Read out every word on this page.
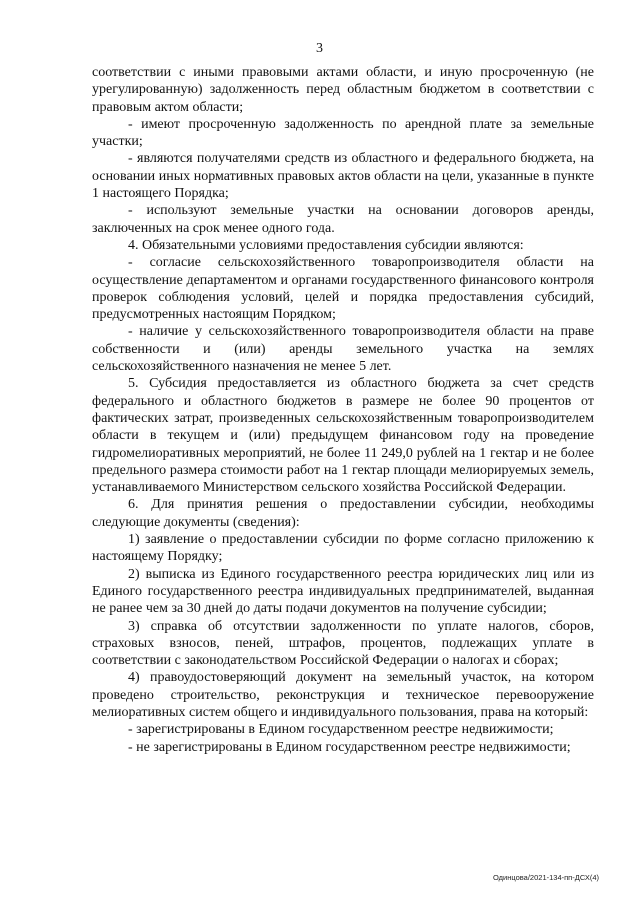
3

соответствии с иными правовыми актами области, и иную просроченную (не урегулированную) задолженность перед областным бюджетом в соответствии с правовым актом области;

- имеют просроченную задолженность по арендной плате за земельные участки;

- являются получателями средств из областного и федерального бюджета, на основании иных нормативных правовых актов области на цели, указанные в пункте 1 настоящего Порядка;

- используют земельные участки на основании договоров аренды, заключенных на срок менее одного года.

4. Обязательными условиями предоставления субсидии являются:

- согласие сельскохозяйственного товаропроизводителя области на осуществление департаментом и органами государственного финансового контроля проверок соблюдения условий, целей и порядка предоставления субсидий, предусмотренных настоящим Порядком;

- наличие у сельскохозяйственного товаропроизводителя области на праве собственности и (или) аренды земельного участка на землях сельскохозяйственного назначения не менее 5 лет.

5. Субсидия предоставляется из областного бюджета за счет средств федерального и областного бюджетов в размере не более 90 процентов от фактических затрат, произведенных сельскохозяйственным товаропроизводителем области в текущем и (или) предыдущем финансовом году на проведение гидромелиоративных мероприятий, не более 11 249,0 рублей на 1 гектар и не более предельного размера стоимости работ на 1 гектар площади мелиорируемых земель, устанавливаемого Министерством сельского хозяйства Российской Федерации.

6. Для принятия решения о предоставлении субсидии, необходимы следующие документы (сведения):

1) заявление о предоставлении субсидии по форме согласно приложению к настоящему Порядку;

2) выписка из Единого государственного реестра юридических лиц или из Единого государственного реестра индивидуальных предпринимателей, выданная не ранее чем за 30 дней до даты подачи документов на получение субсидии;

3) справка об отсутствии задолженности по уплате налогов, сборов, страховых взносов, пеней, штрафов, процентов, подлежащих уплате в соответствии с законодательством Российской Федерации о налогах и сборах;

4) правоудостоверяющий документ на земельный участок, на котором проведено строительство, реконструкция и техническое перевооружение мелиоративных систем общего и индивидуального пользования, права на который:

- зарегистрированы в Едином государственном реестре недвижимости;

- не зарегистрированы в Едином государственном реестре недвижимости;

Одинцова/2021-134-пп-ДСХ(4)
